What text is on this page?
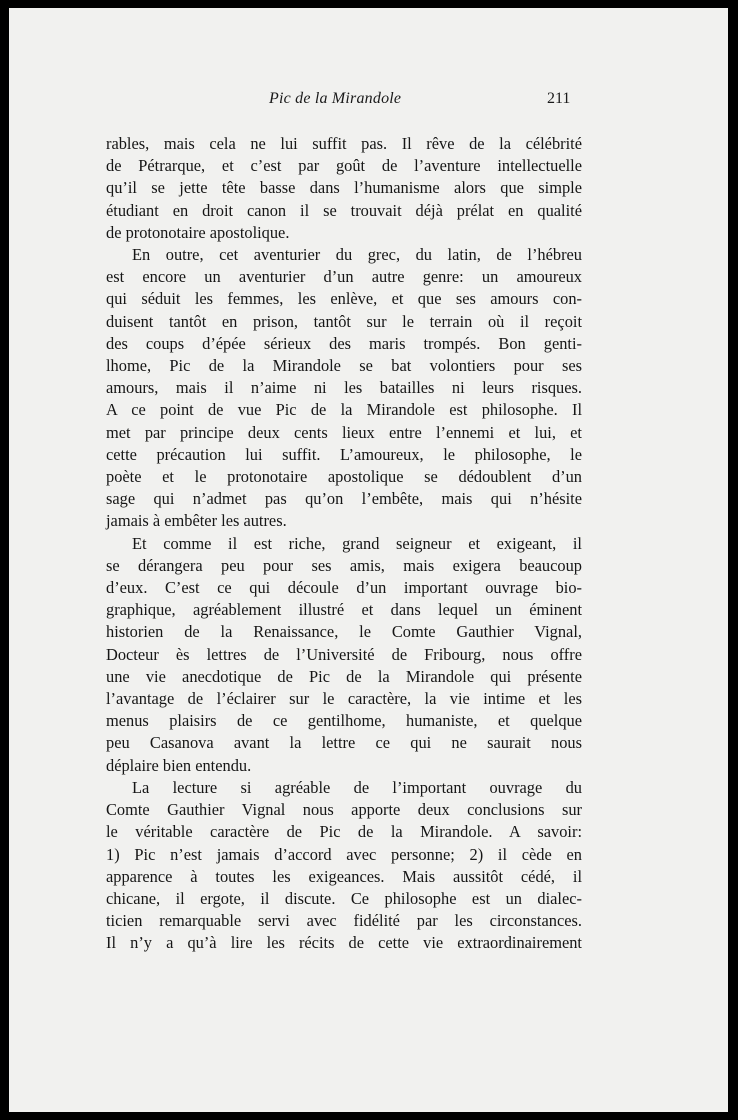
Pic de la Mirandole	211
rables, mais cela ne lui suffit pas. Il rêve de la célébrité
de Pétrarque, et c’est par goût de l’aventure intellectuelle
qu’il se jette tête basse dans l’humanisme alors que simple
étudiant en droit canon il se trouvait déjà prélat en qualité
de protonotaire apostolique.
En outre, cet aventurier du grec, du latin, de l’hébreu
est encore un aventurier d’un autre genre: un amoureux
qui séduit les femmes, les enlève, et que ses amours con-
duisent tantôt en prison, tantôt sur le terrain où il reçoit
des coups d’épée sérieux des maris trompés. Bon genti-
lhome, Pic de la Mirandole se bat volontiers pour ses
amours, mais il n’aime ni les batailles ni leurs risques.
A ce point de vue Pic de la Mirandole est philosophe. Il
met par principe deux cents lieux entre l’ennemi et lui, et
cette précaution lui suffit. L’amoureux, le philosophe, le
poète et le protonotaire apostolique se dédoublent d’un
sage qui n’admet pas qu’on l’embête, mais qui n’hésite
jamais à embêter les autres.
Et comme il est riche, grand seigneur et exigeant, il
se dérangera peu pour ses amis, mais exigera beaucoup
d’eux. C’est ce qui découle d’un important ouvrage bio-
graphique, agréablement illustré et dans lequel un éminent
historien de la Renaissance, le Comte Gauthier Vignal,
Docteur ès lettres de l’Université de Fribourg, nous offre
une vie anecdotique de Pic de la Mirandole qui présente
l’avantage de l’éclairer sur le caractère, la vie intime et les
menus plaisirs de ce gentilhome, humaniste, et quelque
peu Casanova avant la lettre ce qui ne saurait nous
déplaire bien entendu.
La lecture si agréable de l’important ouvrage du
Comte Gauthier Vignal nous apporte deux conclusions sur
le véritable caractère de Pic de la Mirandole. A savoir:
1) Pic n’est jamais d’accord avec personne; 2) il cède en
apparence à toutes les exigeances. Mais aussitôt cédé, il
chicane, il ergote, il discute. Ce philosophe est un dialec-
ticien remarquable servi avec fidélité par les circonstances.
Il n’y a qu’à lire les récits de cette vie extraordinairement
